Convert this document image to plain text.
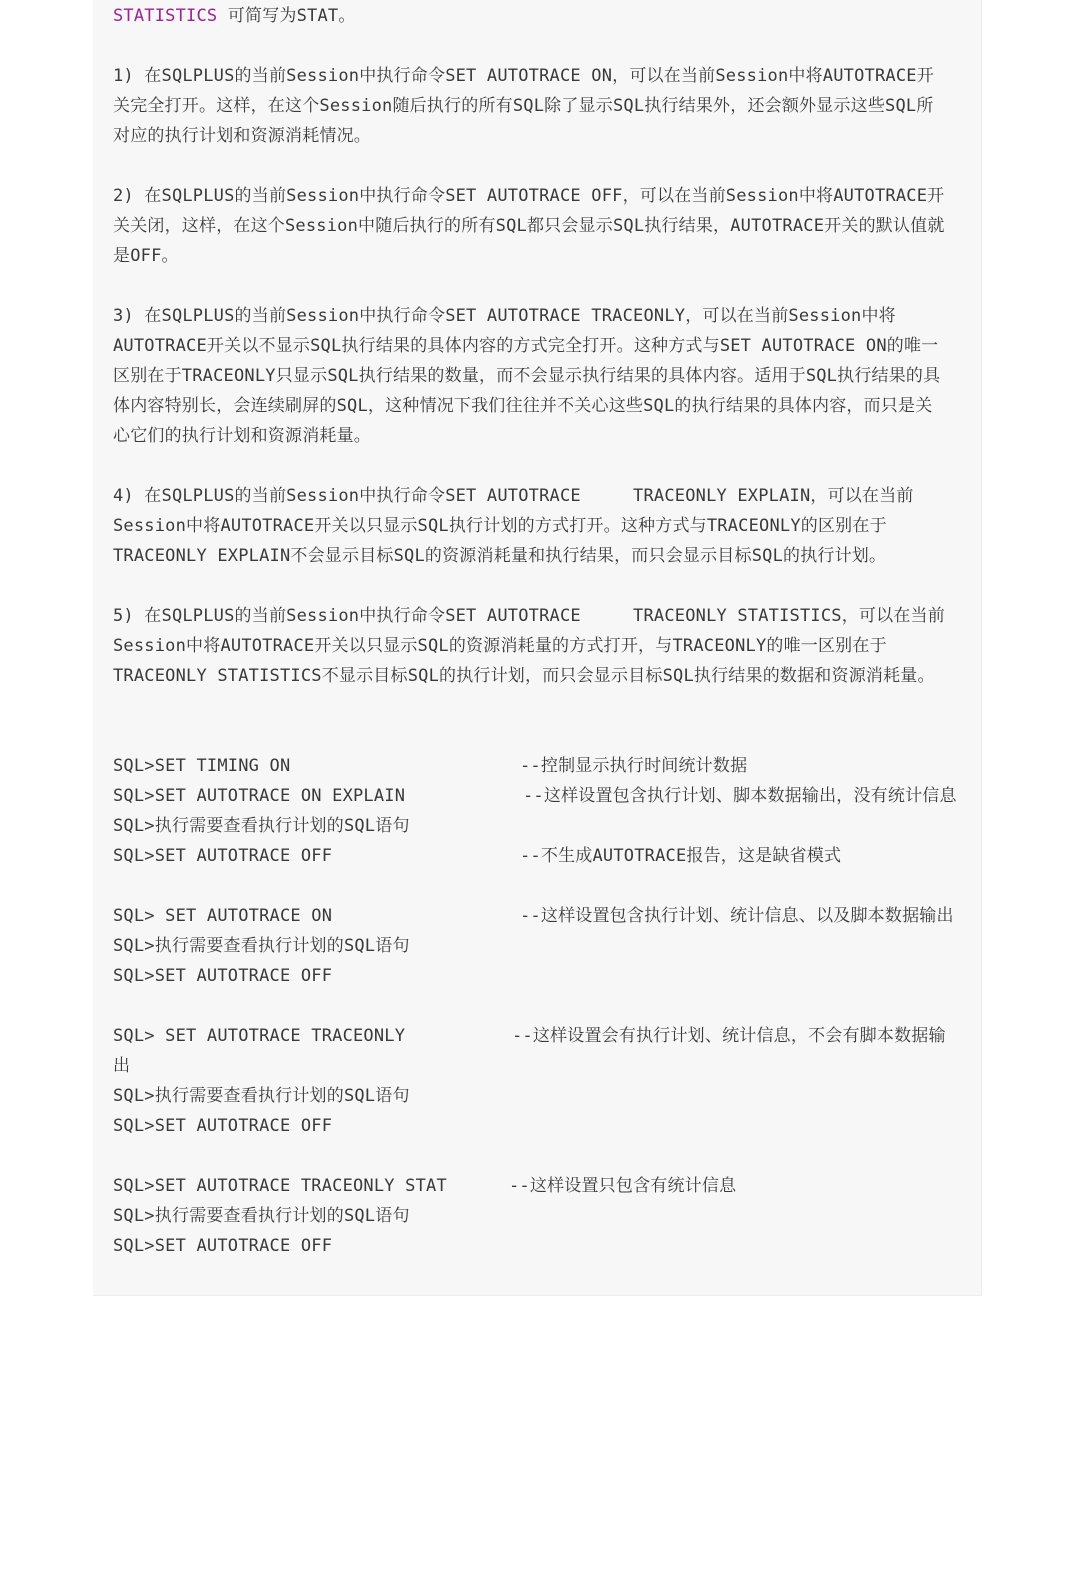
STATISTICS 可简写为STAT。
1) 在SQLPLUS的当前Session中执行命令SET AUTOTRACE ON，可以在当前Session中将AUTOTRACE开
关完全打开。这样，在这个Session随后执行的所有SQL除了显示SQL执行结果外，还会额外显示这些SQL所
对应的执行计划和资源消耗情况。
2) 在SQLPLUS的当前Session中执行命令SET AUTOTRACE OFF，可以在当前Session中将AUTOTRACE开
关关闭，这样，在这个Session中随后执行的所有SQL都只会显示SQL执行结果，AUTOTRACE开关的默认值就
是OFF。
3) 在SQLPLUS的当前Session中执行命令SET AUTOTRACE TRACEONLY，可以在当前Session中将
AUTOTRACE开关以不显示SQL执行结果的具体内容的方式完全打开。这种方式与SET AUTOTRACE ON的唯一
区别在于TRACEONLY只显示SQL执行结果的数量，而不会显示执行结果的具体内容。适用于SQL执行结果的具
体内容特别长，会连续刷屏的SQL，这种情况下我们往往并不关心这些SQL的执行结果的具体内容，而只是关
心它们的执行计划和资源消耗量。
4) 在SQLPLUS的当前Session中执行命令SET AUTOTRACE     TRACEONLY EXPLAIN，可以在当前
Session中将AUTOTRACE开关以只显示SQL执行计划的方式打开。这种方式与TRACEONLY的区别在于
TRACEONLY EXPLAIN不会显示目标SQL的资源消耗量和执行结果，而只会显示目标SQL的执行计划。
5) 在SQLPLUS的当前Session中执行命令SET AUTOTRACE     TRACEONLY STATISTICS，可以在当前
Session中将AUTOTRACE开关以只显示SQL的资源消耗量的方式打开，与TRACEONLY的唯一区别在于
TRACEONLY STATISTICS不显示目标SQL的执行计划，而只会显示目标SQL执行结果的数据和资源消耗量。
SQL>SET TIMING ON	--控制显示执行时间统计数据
SQL>SET AUTOTRACE ON EXPLAIN	--这样设置包含执行计划、脚本数据输出，没有统计信息
SQL>执行需要查看执行计划的SQL语句
SQL>SET AUTOTRACE OFF	--不生成AUTOTRACE报告，这是缺省模式
SQL> SET AUTOTRACE ON	--这样设置包含执行计划、统计信息、以及脚本数据输出
SQL>执行需要查看执行计划的SQL语句
SQL>SET AUTOTRACE OFF
SQL> SET AUTOTRACE TRACEONLY	--这样设置会有执行计划、统计信息，不会有脚本数据输
出
SQL>执行需要查看执行计划的SQL语句
SQL>SET AUTOTRACE OFF
SQL>SET AUTOTRACE TRACEONLY STAT	--这样设置只包含有统计信息
SQL>执行需要查看执行计划的SQL语句
SQL>SET AUTOTRACE OFF
